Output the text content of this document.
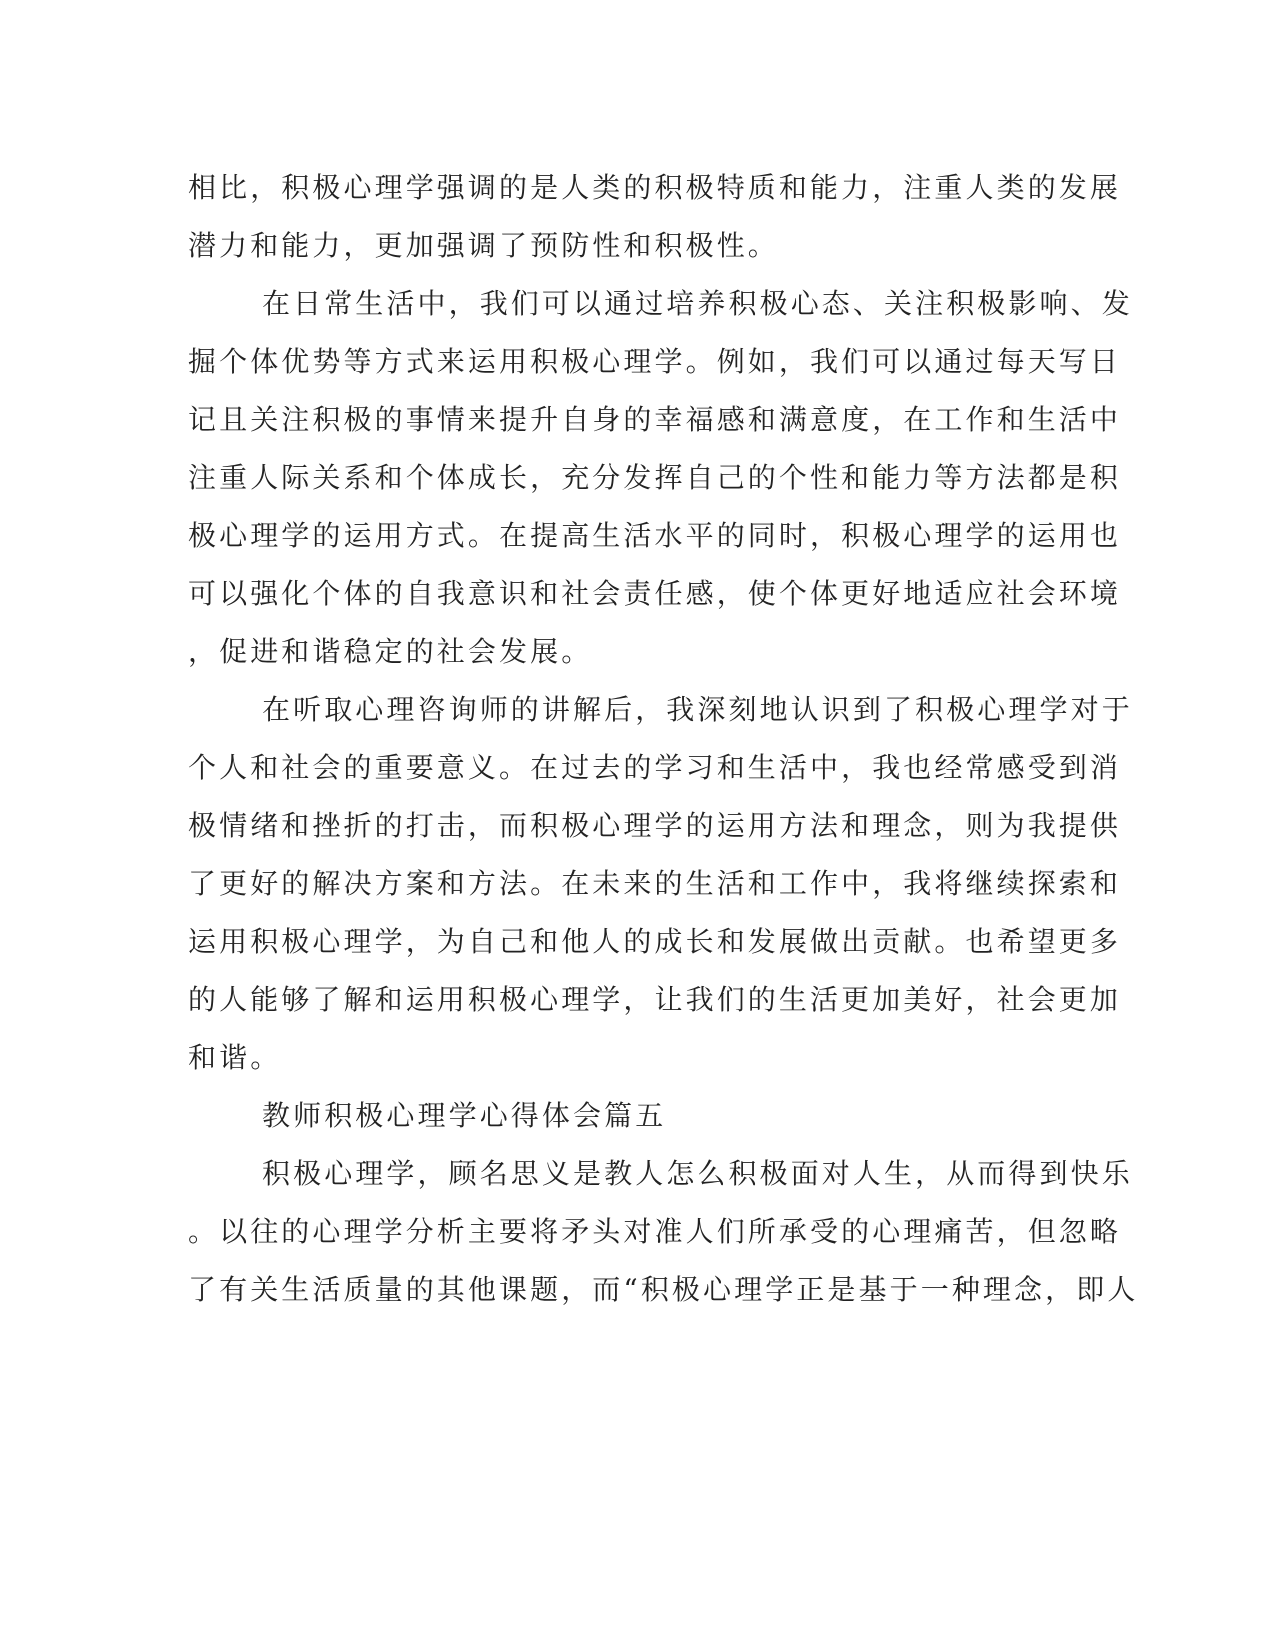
相比，积极心理学强调的是人类的积极特质和能力，注重人类的发展
潜力和能力，更加强调了预防性和积极性。
在日常生活中，我们可以通过培养积极心态、关注积极影响、发
掘个体优势等方式来运用积极心理学。例如，我们可以通过每天写日
记且关注积极的事情来提升自身的幸福感和满意度，在工作和生活中
注重人际关系和个体成长，充分发挥自己的个性和能力等方法都是积
极心理学的运用方式。在提高生活水平的同时，积极心理学的运用也
可以强化个体的自我意识和社会责任感，使个体更好地适应社会环境
，促进和谐稳定的社会发展。
在听取心理咨询师的讲解后，我深刻地认识到了积极心理学对于
个人和社会的重要意义。在过去的学习和生活中，我也经常感受到消
极情绪和挫折的打击，而积极心理学的运用方法和理念，则为我提供
了更好的解决方案和方法。在未来的生活和工作中，我将继续探索和
运用积极心理学，为自己和他人的成长和发展做出贡献。也希望更多
的人能够了解和运用积极心理学，让我们的生活更加美好，社会更加
和谐。
教师积极心理学心得体会篇五
积极心理学，顾名思义是教人怎么积极面对人生，从而得到快乐
。以往的心理学分析主要将矛头对准人们所承受的心理痛苦，但忽略
了有关生活质量的其他课题，而“积极心理学正是基于一种理念，即人
